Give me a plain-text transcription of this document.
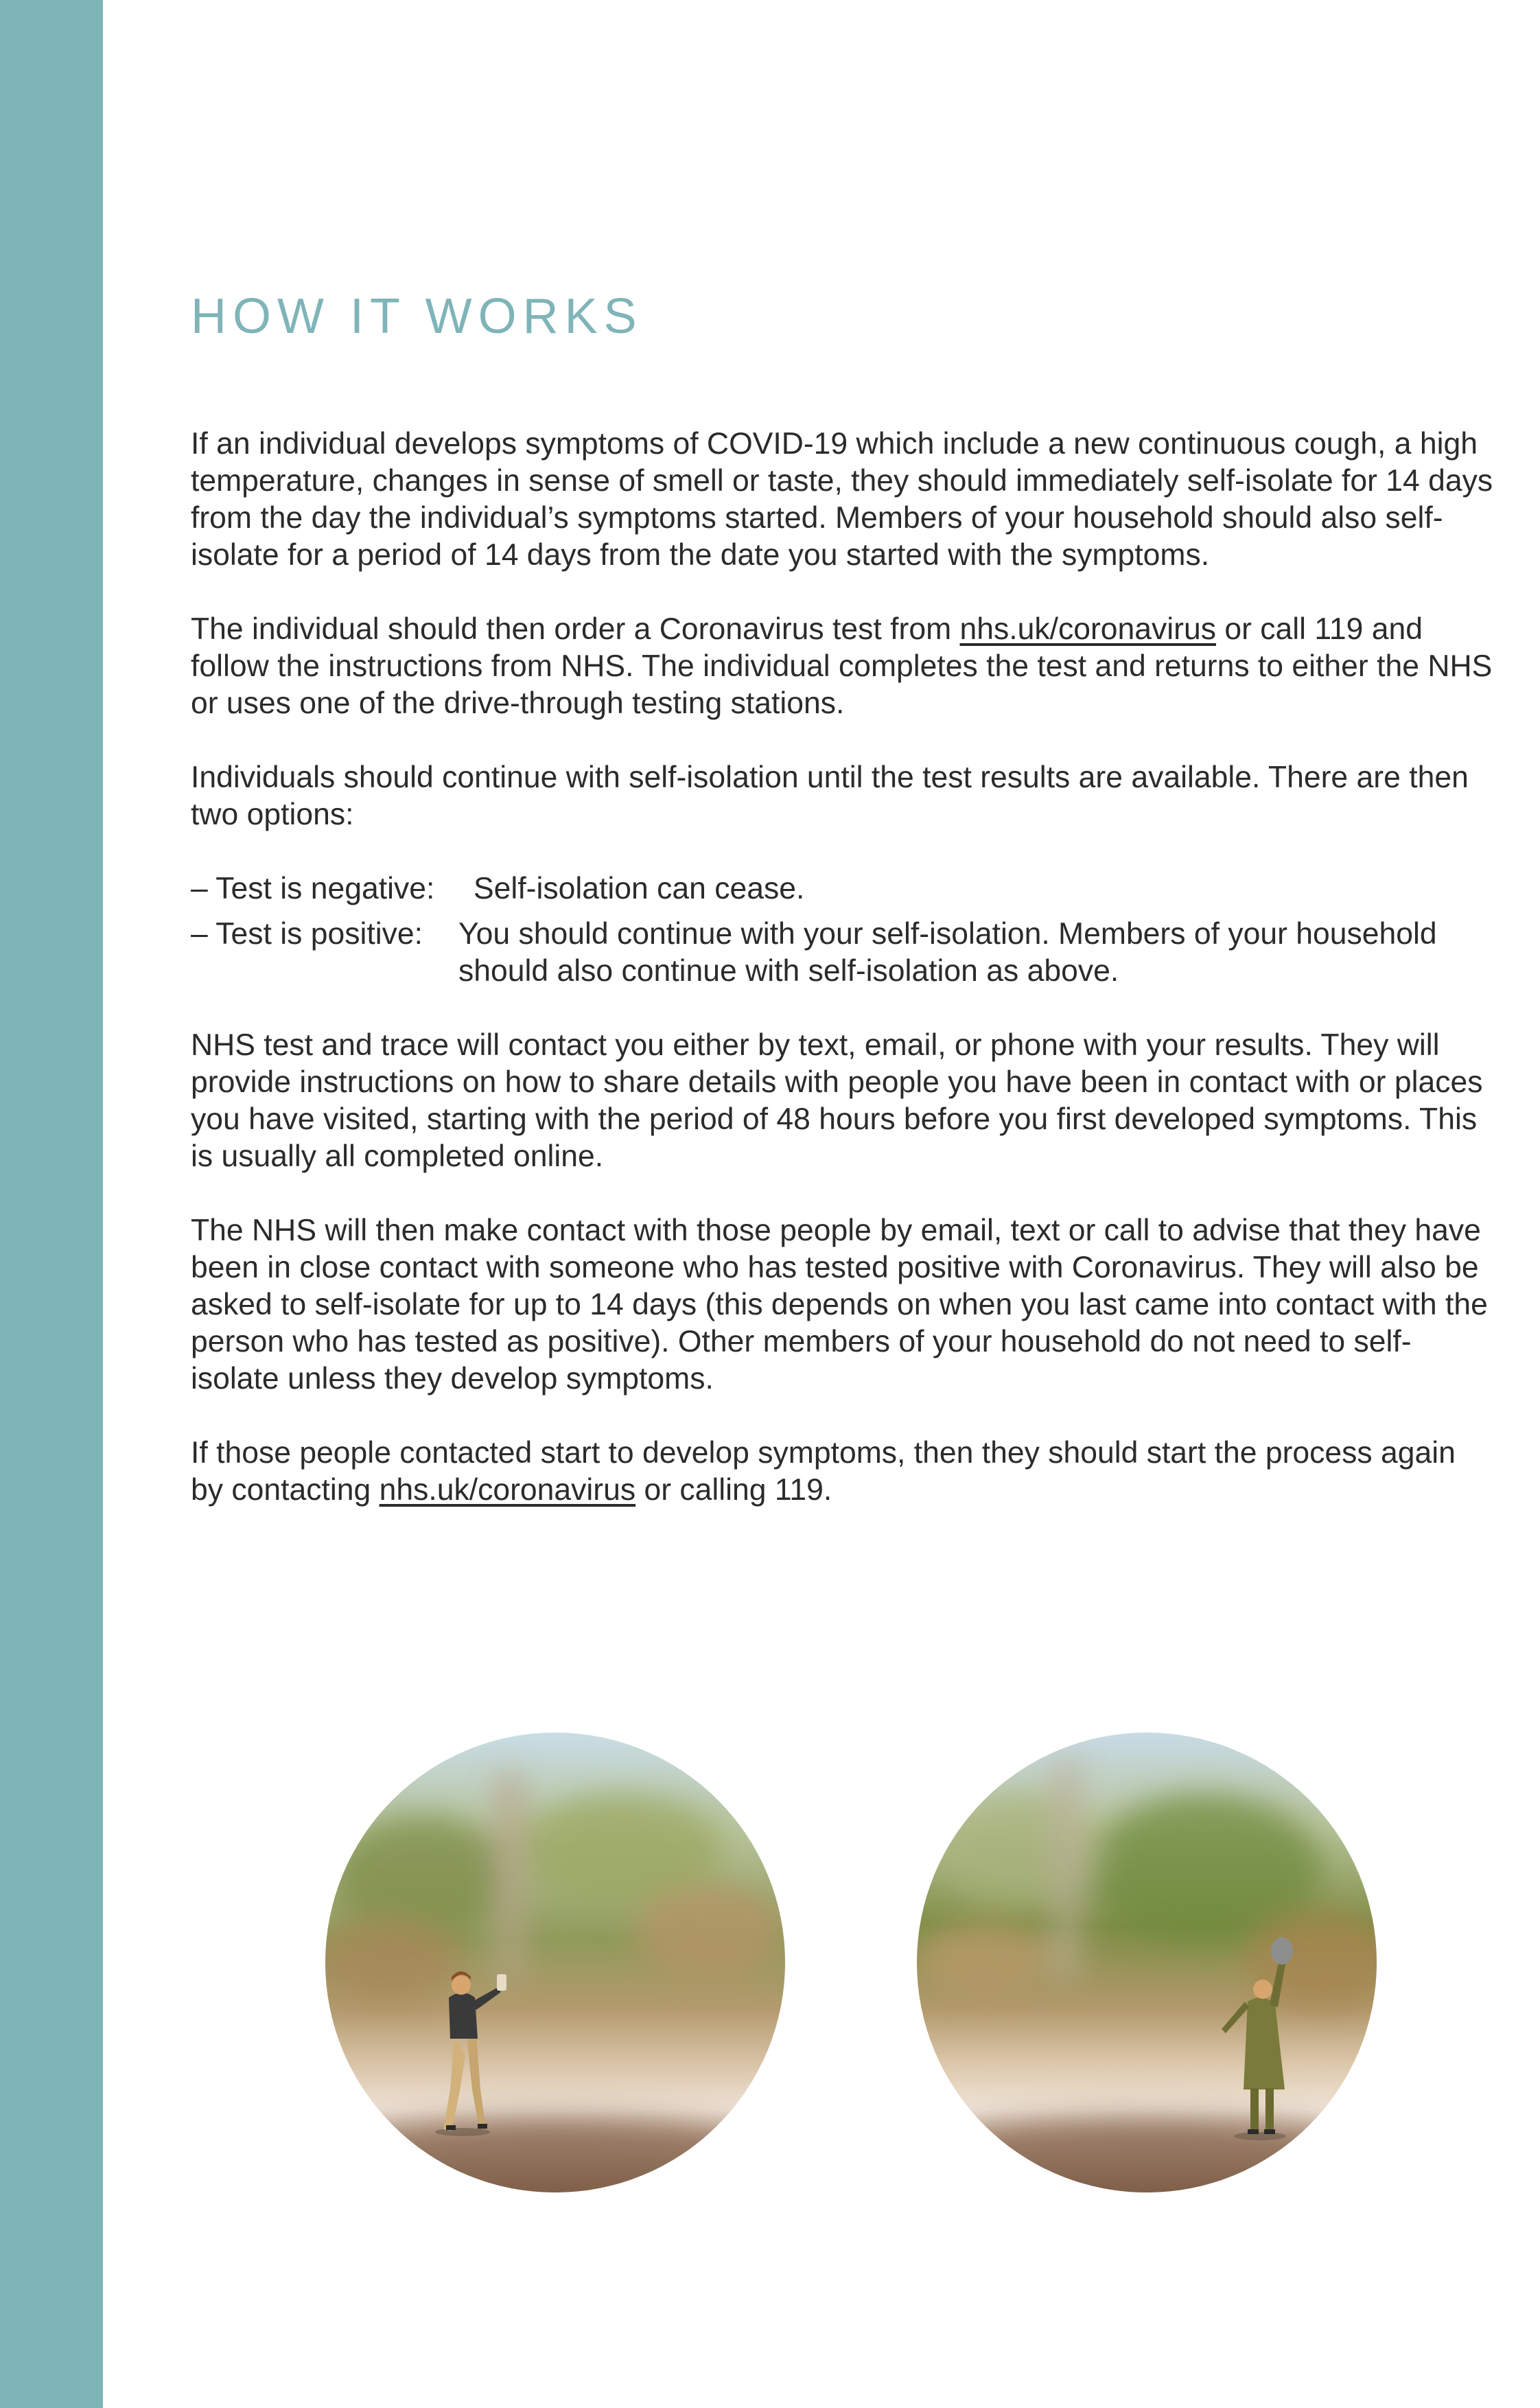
HOW IT WORKS

If an individual develops symptoms of COVID-19 which include a new continuous cough, a high temperature, changes in sense of smell or taste, they should immediately self-isolate for 14 days from the day the individual’s symptoms started. Members of your household should also self-isolate for a period of 14 days from the date you started with the symptoms.

The individual should then order a Coronavirus test from nhs.uk/coronavirus or call 119 and follow the instructions from NHS. The individual completes the test and returns to either the NHS or uses one of the drive-through testing stations.

Individuals should continue with self-isolation until the test results are available. There are then two options:

– Test is negative:	Self-isolation can cease.
– Test is positive:	You should continue with your self-isolation. Members of your household should also continue with self-isolation as above.

NHS test and trace will contact you either by text, email, or phone with your results. They will provide instructions on how to share details with people you have been in contact with or places you have visited, starting with the period of 48 hours before you first developed symptoms. This is usually all completed online.

The NHS will then make contact with those people by email, text or call to advise that they have been in close contact with someone who has tested positive with Coronavirus. They will also be asked to self-isolate for up to 14 days (this depends on when you last came into contact with the person who has tested as positive). Other members of your household do not need to self-isolate unless they develop symptoms.

If those people contacted start to develop symptoms, then they should start the process again by contacting nhs.uk/coronavirus or calling 119.
